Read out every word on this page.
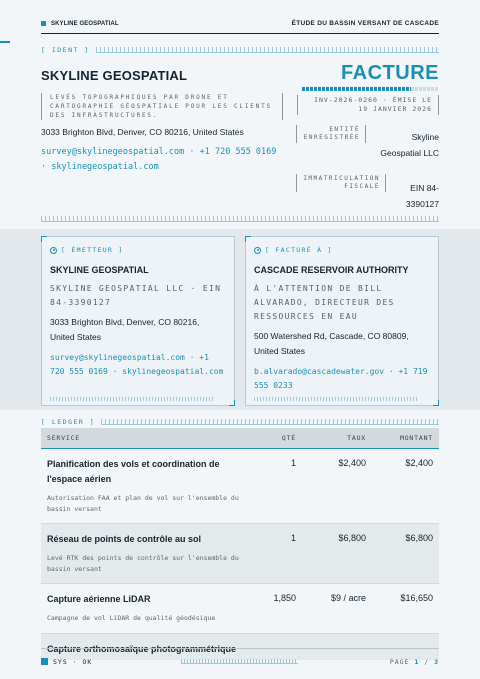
SKYLINE GEOSPATIAL	ÉTUDE DU BASSIN VERSANT DE CASCADE
[ IDENT ]
SKYLINE GEOSPATIAL
LEVÉS TOPOGRAPHIQUES PAR DRONE ET CARTOGRAPHIE GÉOSPATIALE POUR LES CLIENTS DES INFRASTRUCTURES.
3033 Brighton Blvd, Denver, CO 80216, United States
survey@skylinegeospatial.com · +1 720 555 0169 · skylinegeospatial.com
FACTURE
INV-2026-0260 · ÉMISE LE 19 JANVIER 2026
ENTITÉ ENREGISTRÉE	Skyline Geospatial LLC
IMMATRICULATION FISCALE	EIN 84-3390127
[ ÉMETTEUR ]
SKYLINE GEOSPATIAL
SKYLINE GEOSPATIAL LLC · EIN 84-3390127
3033 Brighton Blvd, Denver, CO 80216, United States
survey@skylinegeospatial.com · +1 720 555 0169 · skylinegeospatial.com
[ FACTURÉ À ]
CASCADE RESERVOIR AUTHORITY
À L'ATTENTION DE BILL ALVARADO, DIRECTEUR DES RESSOURCES EN EAU
500 Watershed Rd, Cascade, CO 80809, United States
b.alvarado@cascadewater.gov · +1 719 555 0233
[ LEDGER ]
SERVICE	QTÉ	TAUX	MONTANT
Planification des vols et coordination de l'espace aérien
Autorisation FAA et plan de vol sur l'ensemble du bassin versant
1	$2,400	$2,400
Réseau de points de contrôle au sol
Levé RTK des points de contrôle sur l'ensemble du bassin versant
1	$6,800	$6,800
Capture aérienne LiDAR
Campagne de vol LiDAR de qualité géodésique
1,850	$9 / acre	$16,650
Capture orthomosaïque photogrammétrique
SYS · OK	PAGE 1 / 3
